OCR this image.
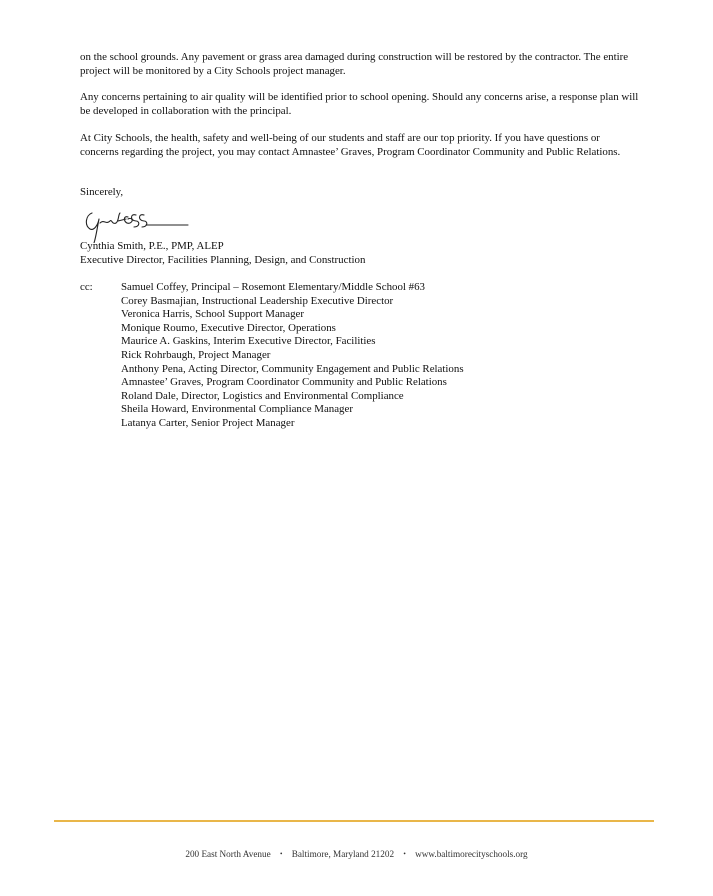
on the school grounds. Any pavement or grass area damaged during construction will be restored by the contractor. The entire project will be monitored by a City Schools project manager.

Any concerns pertaining to air quality will be identified prior to school opening. Should any concerns arise, a response plan will be developed in collaboration with the principal.

At City Schools, the health, safety and well-being of our students and staff are our top priority. If you have questions or concerns regarding the project, you may contact Amnastee’ Graves, Program Coordinator Community and Public Relations.

Sincerely,
Cynthia Smith, P.E., PMP, ALEP
Executive Director, Facilities Planning, Design, and Construction
cc:	Samuel Coffey, Principal – Rosemont Elementary/Middle School #63
Corey Basmajian, Instructional Leadership Executive Director
Veronica Harris, School Support Manager
Monique Roumo, Executive Director, Operations
Maurice A. Gaskins, Interim Executive Director, Facilities
Rick Rohrbaugh, Project Manager
Anthony Pena, Acting Director, Community Engagement and Public Relations
Amnastee’ Graves, Program Coordinator Community and Public Relations
Roland Dale, Director, Logistics and Environmental Compliance
Sheila Howard, Environmental Compliance Manager
Latanya Carter, Senior Project Manager
200 East North Avenue • Baltimore, Maryland 21202 • www.baltimorecityschools.org
